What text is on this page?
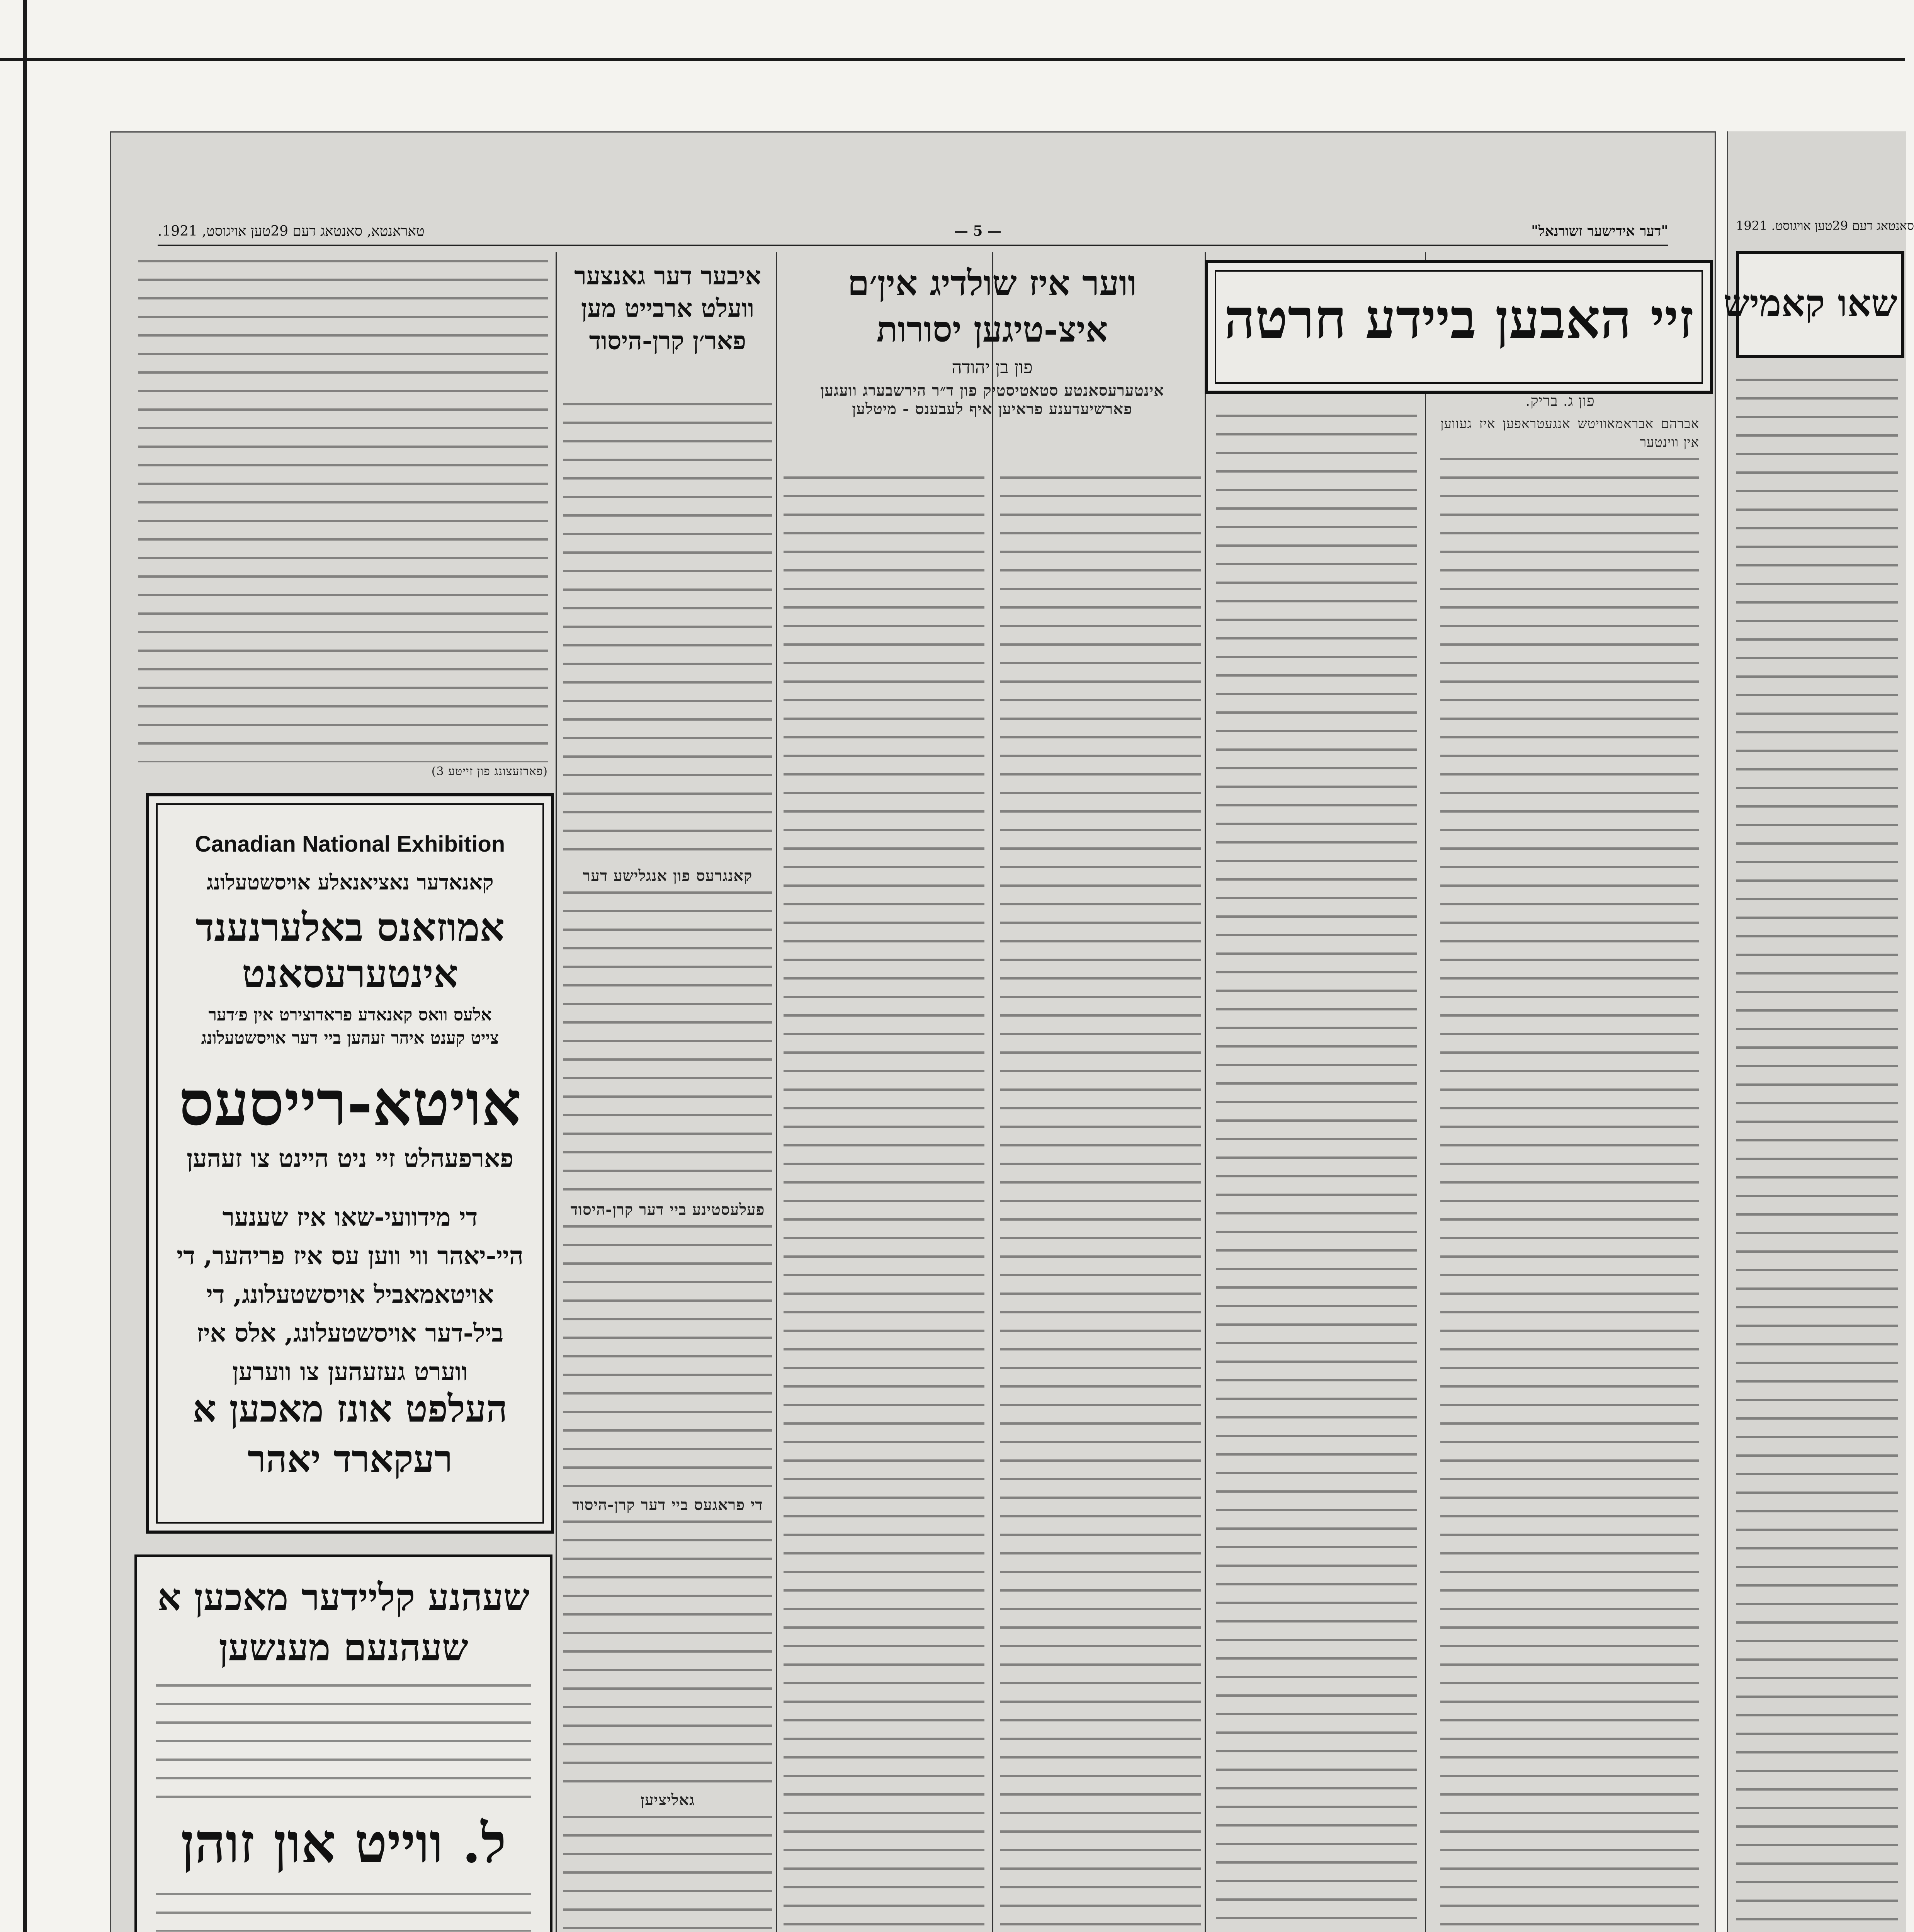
"דער אידישער זשורנאל"
— 5 —
טאראנטא, סאנטאג דעם 29טען אויגוסט, 1921.

זיי האבען ביידע חרטה

פון ג. בריק.

אברהם אבראמאוויטש אנגעטראפען איז געווען אין ווינטער

ווער איז שולדיג אין׳ם איצ-טיגען יסורות

פון בן יהודה

אינטערעסאנטע סטאטיסטיק פון ד״ר הירשבערג וועגען פארשיעדענע פראיען איף לעבענס - מיטלען

איבער דער גאנצער וועלט ארבייט מען פאר׳ן קרן-היסוד

קאנגרעס פון אנגלישע דער

פעלעסטינע ביי דער קרן-היסוד

די פראגעס ביי דער קרן-היסוד

גאליציען

(פארזעצונג פון זייטע 3)

Canadian National Exhibition
קאנאדער נאציאנאלע אויסשטעלונג
אמוזאנס באלערנענד
אינטערעסאנט
אלעס וואס קאנאדע פראדוצירט אין פ׳דער
צייט קענט איהר זעהען ביי דער אויסשטעלונג
אויטא-רייסעס
פארפעהלט זיי ניט היינט צו זעהען
די מידוועי-שאו איז שענער היי-יאהר ווי ווען עס איז פריהער, די אויטאמאביל אויסשטעלונג, די ביל-דער אויסשטעלונג, אלס איז ווערט געזעהען צו ווערען
העלפט אונז מאכען א רעקארד יאהר
שעהנע קליידער מאכען א שעהנעם מענשען
ל. ווייט און זוהן
1921 .סאנטאג דעם 29טען אויגוסט
שאו קאמיש
